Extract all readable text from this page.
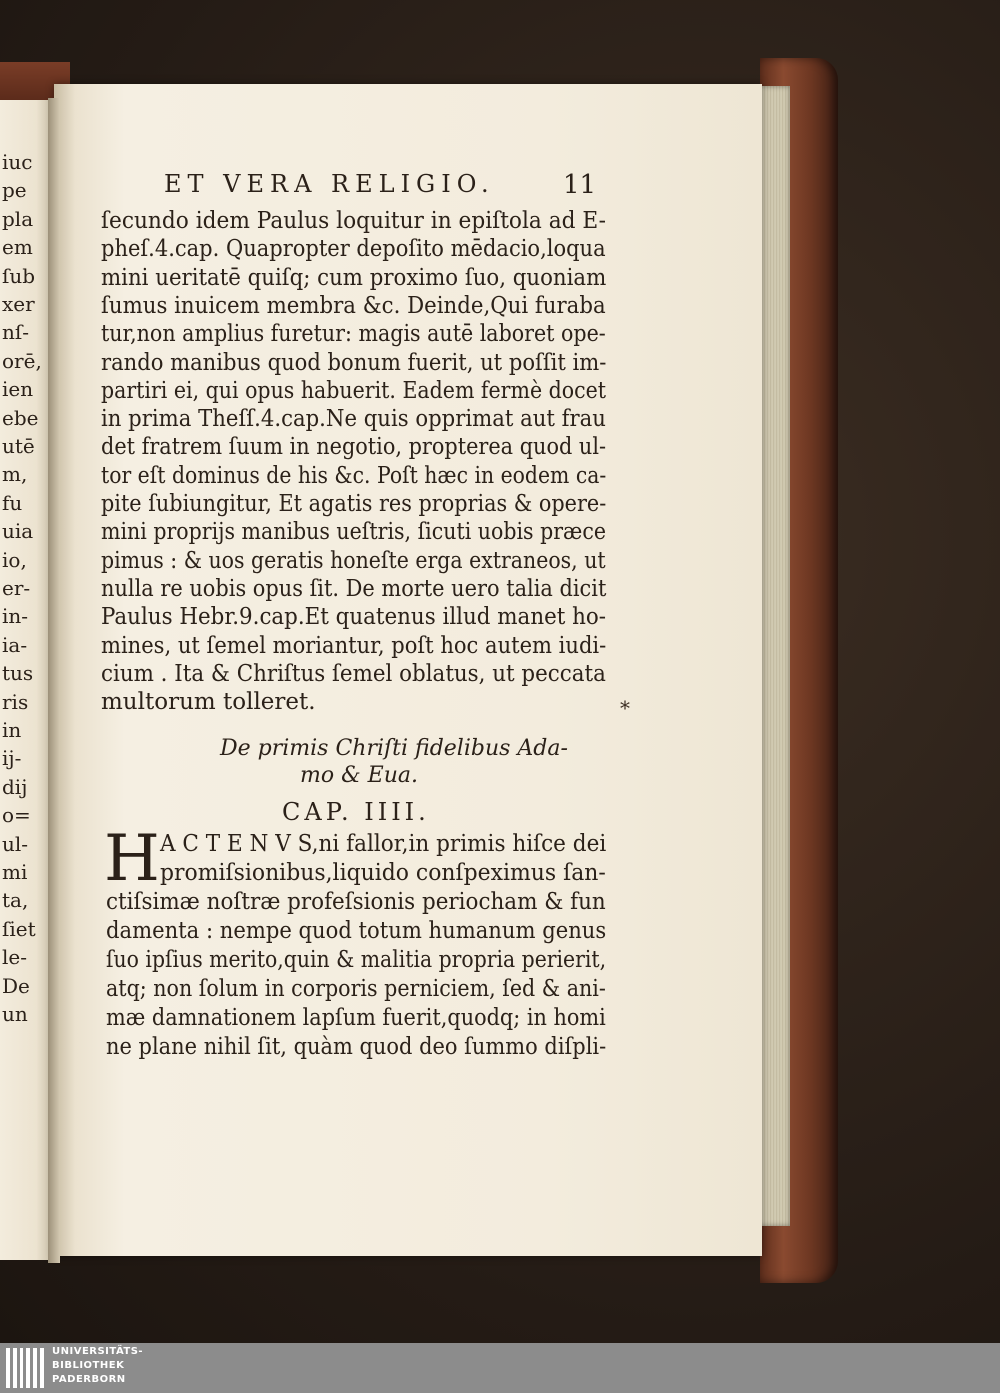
iuc
pe
pla
em
ſub
xer
nſ-
orē,
ien
ebe
utē
m,
fu
uia
io,
er-
in-
ia-
tus
ris
in
ij-
dij
o=
ul-
mi
ta,
ſiet
le-
De
un
ET VERA RELIGIO.	11
De primis Chriſti fidelibus Ada-
mo & Eua.
CAP. IIII.
H
⁎
ſecundo idem Paulus loquitur in epiſtola ad E-
pheſ.4.cap. Quapropter depoſito mēdacio,loqua
mini ueritatē quiſq; cum proximo ſuo, quoniam
ſumus inuicem membra &c. Deinde,Qui furaba
tur,non amplius furetur: magis autē laboret ope-
rando manibus quod bonum fuerit, ut poſſit im-
partiri ei, qui opus habuerit. Eadem fermè docet
in prima Theſſ.4.cap.Ne quis opprimat aut frau
det fratrem ſuum in negotio, propterea quod ul-
tor eſt dominus de his &c. Poſt hæc in eodem ca-
pite ſubiungitur, Et agatis res proprias & opere-
mini proprijs manibus ueſtris, ſicuti uobis præce
pimus : & uos geratis honeſte erga extraneos, ut
nulla re uobis opus ſit. De morte uero talia dicit
Paulus Hebr.9.cap.Et quatenus illud manet ho-
mines, ut ſemel moriantur, poſt hoc autem iudi-
cium . Ita & Chriſtus ſemel oblatus, ut peccata
multorum tolleret.
A C T E N V S,ni fallor,in primis hiſce dei
promiſsionibus,liquido conſpeximus ſan-
ctiſsimæ noſtræ profeſsionis periocham & fun
damenta : nempe quod totum humanum genus
ſuo ipſius merito,quin & malitia propria perierit,
atq; non ſolum in corporis perniciem, ſed & ani-
mæ damnationem lapſum fuerit,quodq; in homi
ne plane nihil ſit, quàm quod deo ſummo diſpli-
UNIVERSITÄTS-
BIBLIOTHEK
PADERBORN
